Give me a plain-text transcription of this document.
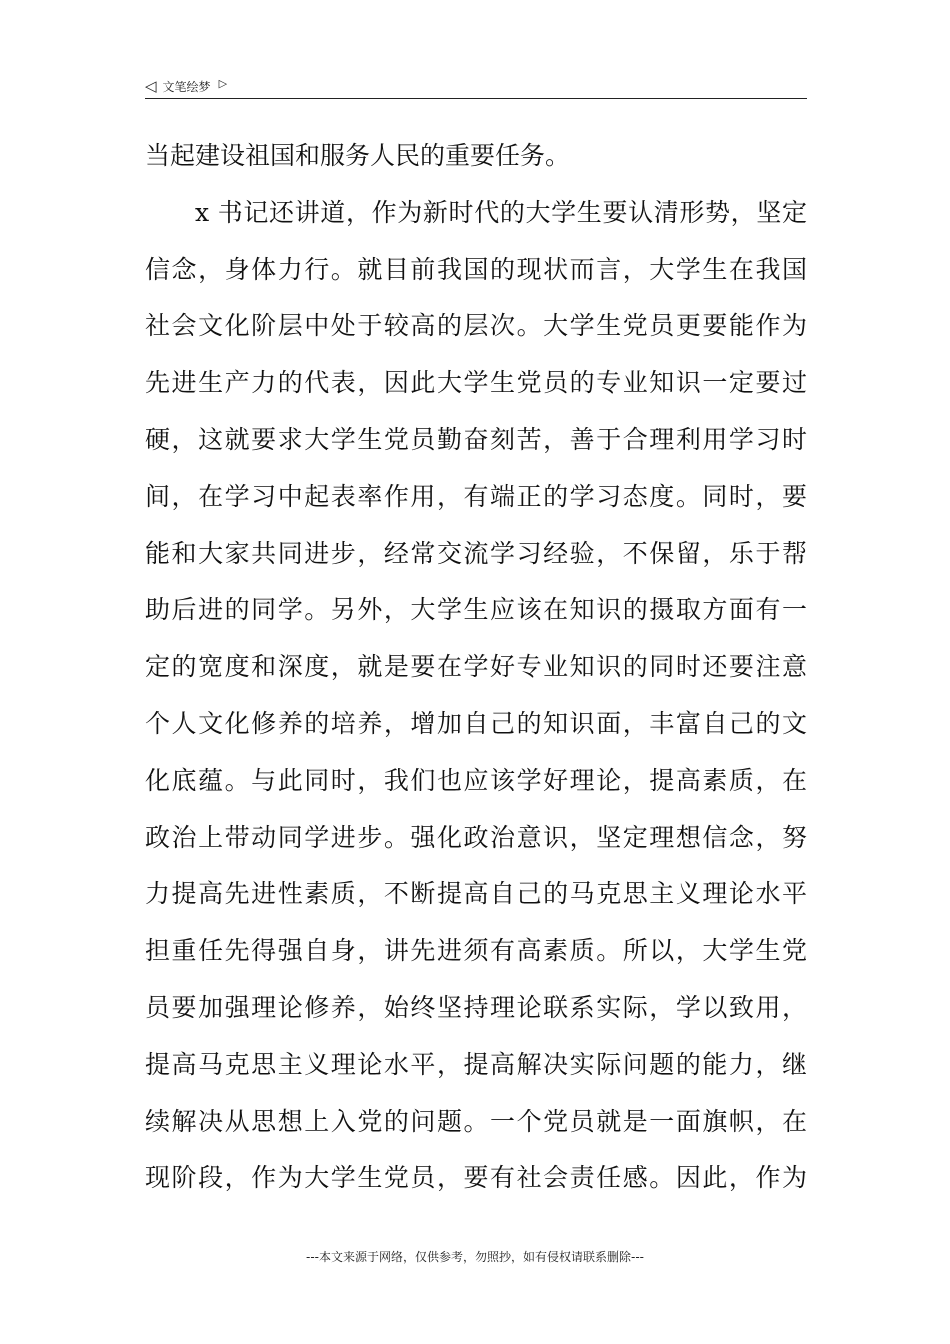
◁ 文笔绘梦 ▷
当起建设祖国和服务人民的重要任务。
x 书记还讲道，作为新时代的大学生要认清形势，坚定
信念，身体力行。就目前我国的现状而言，大学生在我国
社会文化阶层中处于较高的层次。大学生党员更要能作为
先进生产力的代表，因此大学生党员的专业知识一定要过
硬，这就要求大学生党员勤奋刻苦，善于合理利用学习时
间，在学习中起表率作用，有端正的学习态度。同时，要
能和大家共同进步，经常交流学习经验，不保留，乐于帮
助后进的同学。另外，大学生应该在知识的摄取方面有一
定的宽度和深度，就是要在学好专业知识的同时还要注意
个人文化修养的培养，增加自己的知识面，丰富自己的文
化底蕴。与此同时，我们也应该学好理论，提高素质，在
政治上带动同学进步。强化政治意识，坚定理想信念，努
力提高先进性素质，不断提高自己的马克思主义理论水平
担重任先得强自身，讲先进须有高素质。所以，大学生党
员要加强理论修养，始终坚持理论联系实际，学以致用，
提高马克思主义理论水平，提高解决实际问题的能力，继
续解决从思想上入党的问题。一个党员就是一面旗帜，在
现阶段，作为大学生党员，要有社会责任感。因此，作为
---本文来源于网络，仅供参考，勿照抄，如有侵权请联系删除---
